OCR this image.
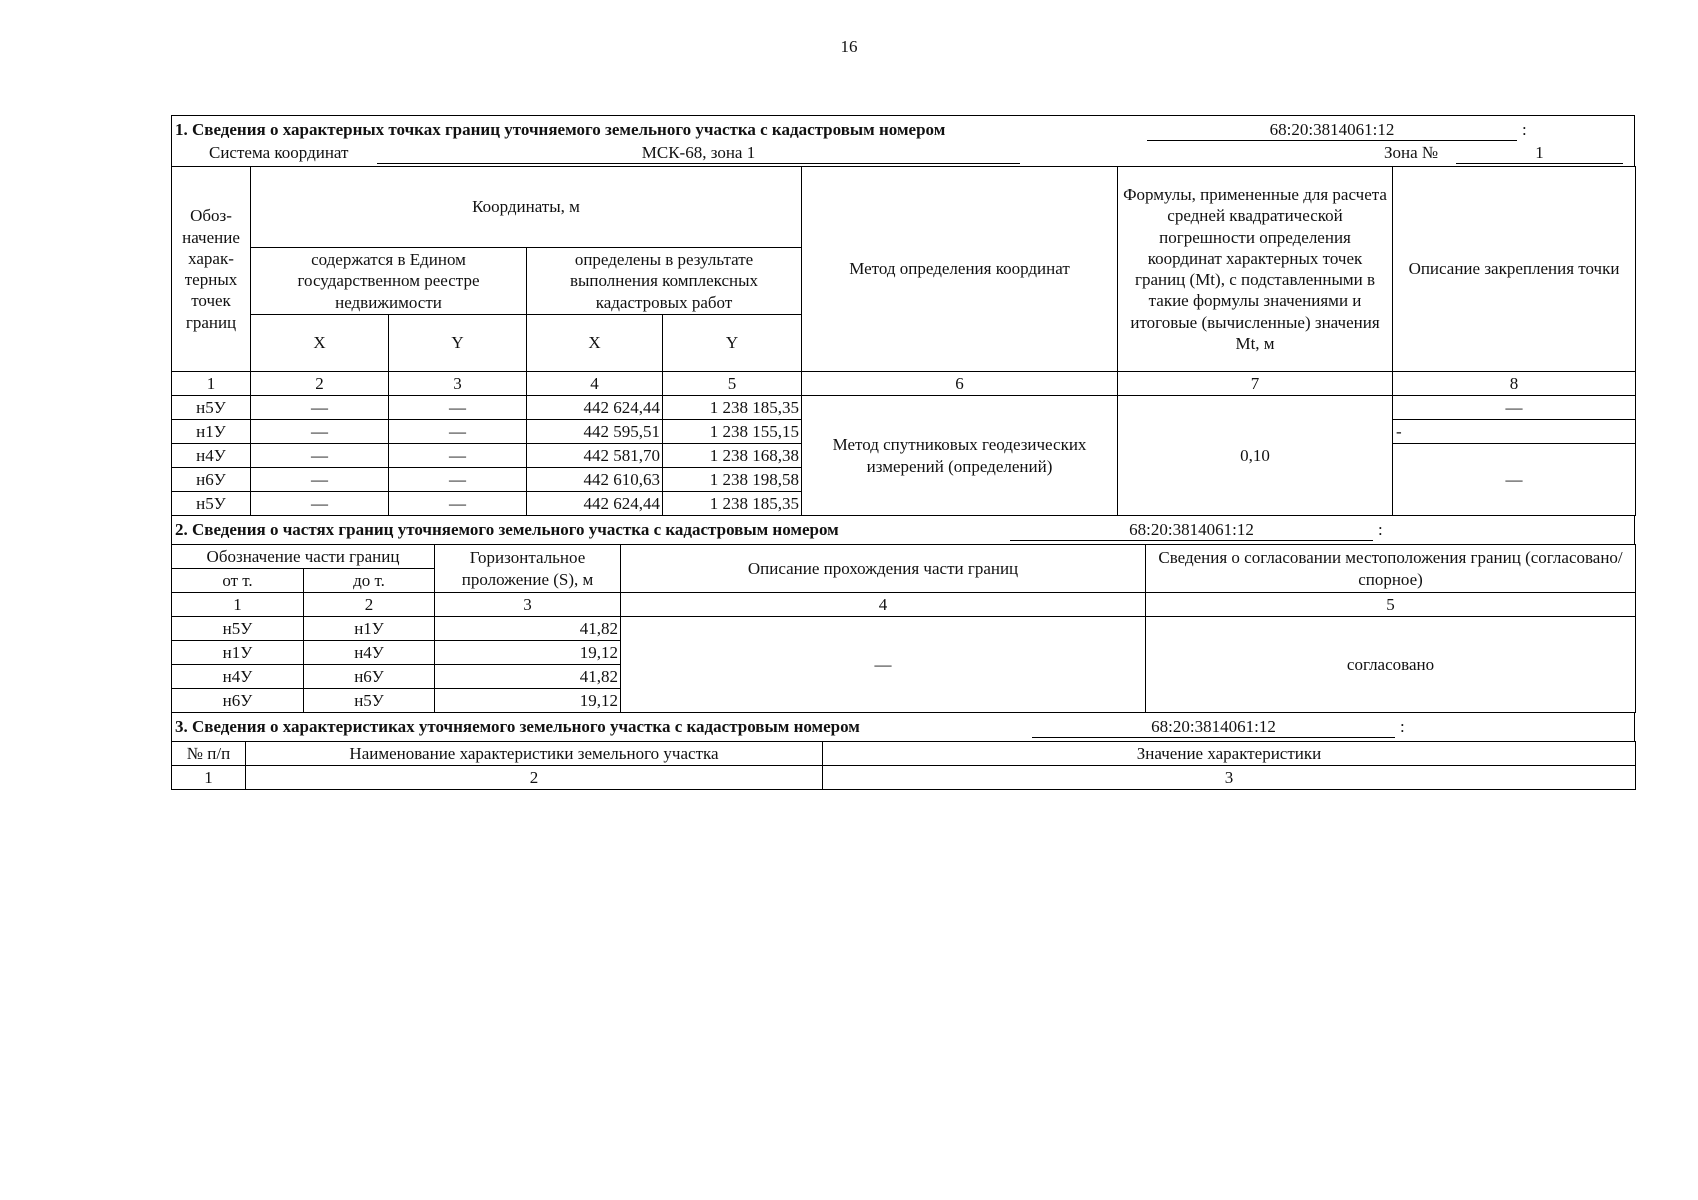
16
1. Сведения о характерных точках границ уточняемого земельного участка с кадастровым номером	68:20:3814061:12	:
Система координат	МСК-68, зона 1	Зона №	1
Обоз-начение харак-терных точек границ	Координаты, м				Метод определения координат	Формулы, примененные для расчета средней квадратической погрешности определения координат характерных точек границ (Mt), с подставленными в такие формулы значениями и итоговые (вычисленные) значения Mt, м	Описание закрепления точки
	содержатся в Едином государственном реестре недвижимости		определены в результате выполнения комплексных кадастровых работ				
	X	Y	X	Y			
1	2	3	4	5	6	7	8
н5У	—	—	442 624,44	1 238 185,35	Метод спутниковых геодезических измерений (определений)	0,10	—
н1У	—	—	442 595,51	1 238 155,15			-
н4У	—	—	442 581,70	1 238 168,38			—
н6У	—	—	442 610,63	1 238 198,58			
н5У	—	—	442 624,44	1 238 185,35			
2. Сведения о частях границ уточняемого земельного участка с кадастровым номером	68:20:3814061:12	:
Обозначение части границ		Горизонтальное проложение (S), м	Описание прохождения части границ	Сведения о согласовании местоположения границ (согласовано/спорное)
от т.	до т.			
1	2	3	4	5
н5У	н1У	41,82	—	согласовано
н1У	н4У	19,12		
н4У	н6У	41,82		
н6У	н5У	19,12		
3. Сведения о характеристиках уточняемого земельного участка с кадастровым номером	68:20:3814061:12	:
№ п/п	Наименование характеристики земельного участка	Значение характеристики
1	2	3
